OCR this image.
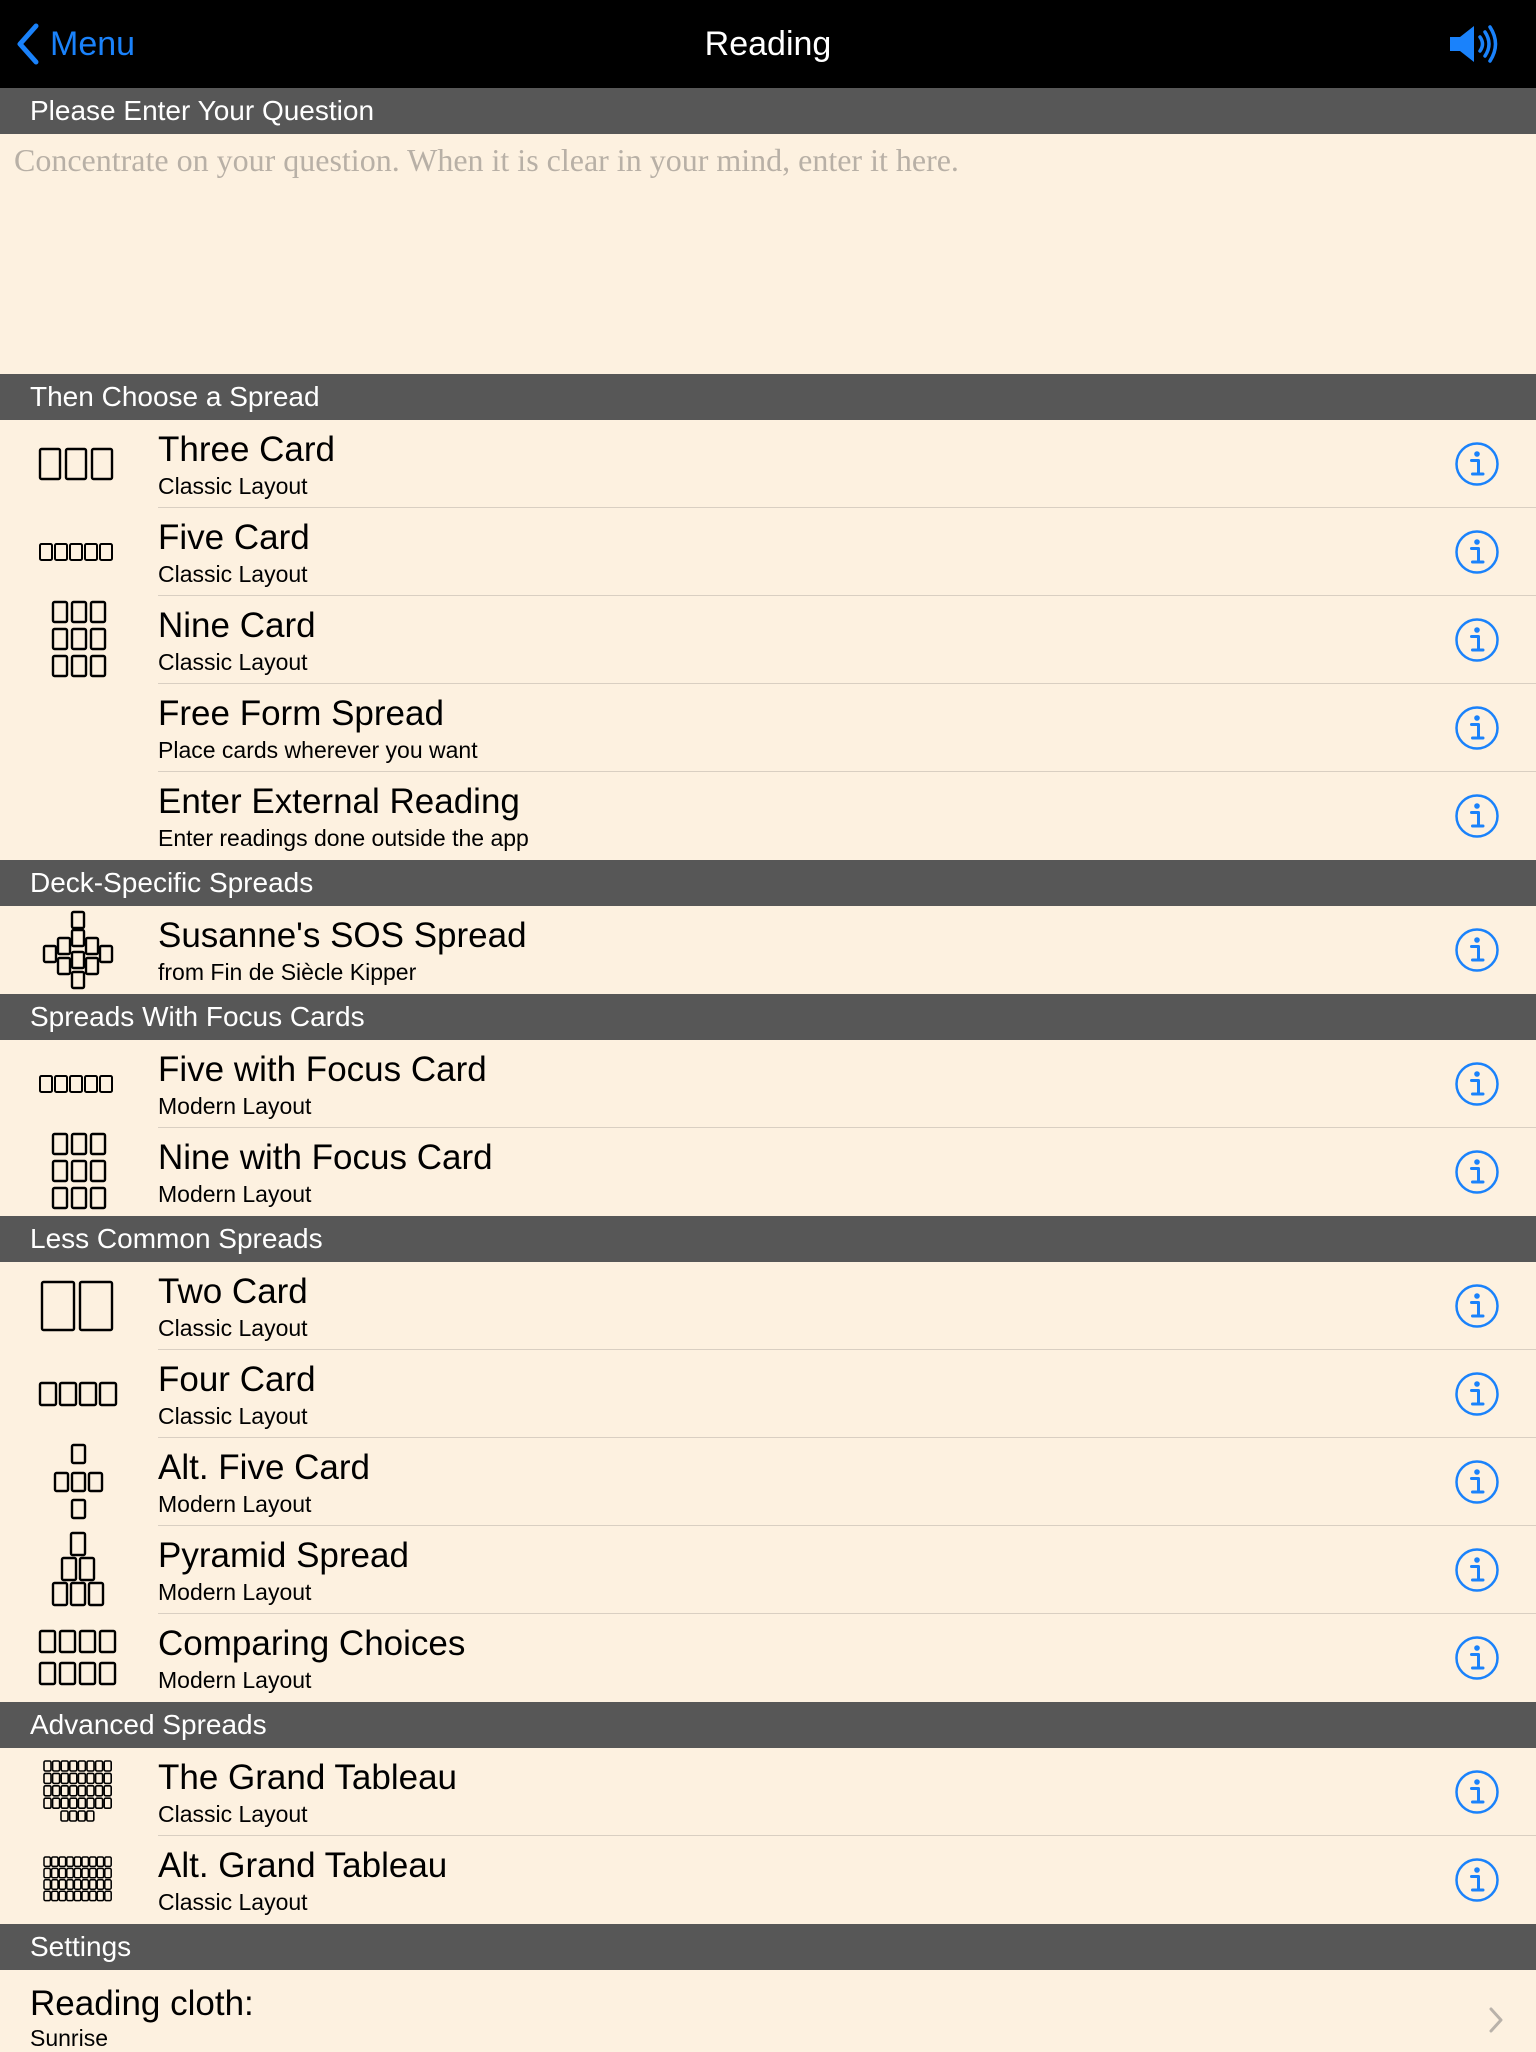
Menu	Reading
Please Enter Your Question
Concentrate on your question. When it is clear in your mind, enter it here.
Then Choose a Spread
Three Card
Classic Layout
Five Card
Classic Layout
Nine Card
Classic Layout
Free Form Spread
Place cards wherever you want
Enter External Reading
Enter readings done outside the app
Deck-Specific Spreads
Susanne's SOS Spread
from Fin de Siècle Kipper
Spreads With Focus Cards
Five with Focus Card
Modern Layout
Nine with Focus Card
Modern Layout
Less Common Spreads
Two Card
Classic Layout
Four Card
Classic Layout
Alt. Five Card
Modern Layout
Pyramid Spread
Modern Layout
Comparing Choices
Modern Layout
Advanced Spreads
The Grand Tableau
Classic Layout
Alt. Grand Tableau
Classic Layout
Settings
Reading cloth:
Sunrise
